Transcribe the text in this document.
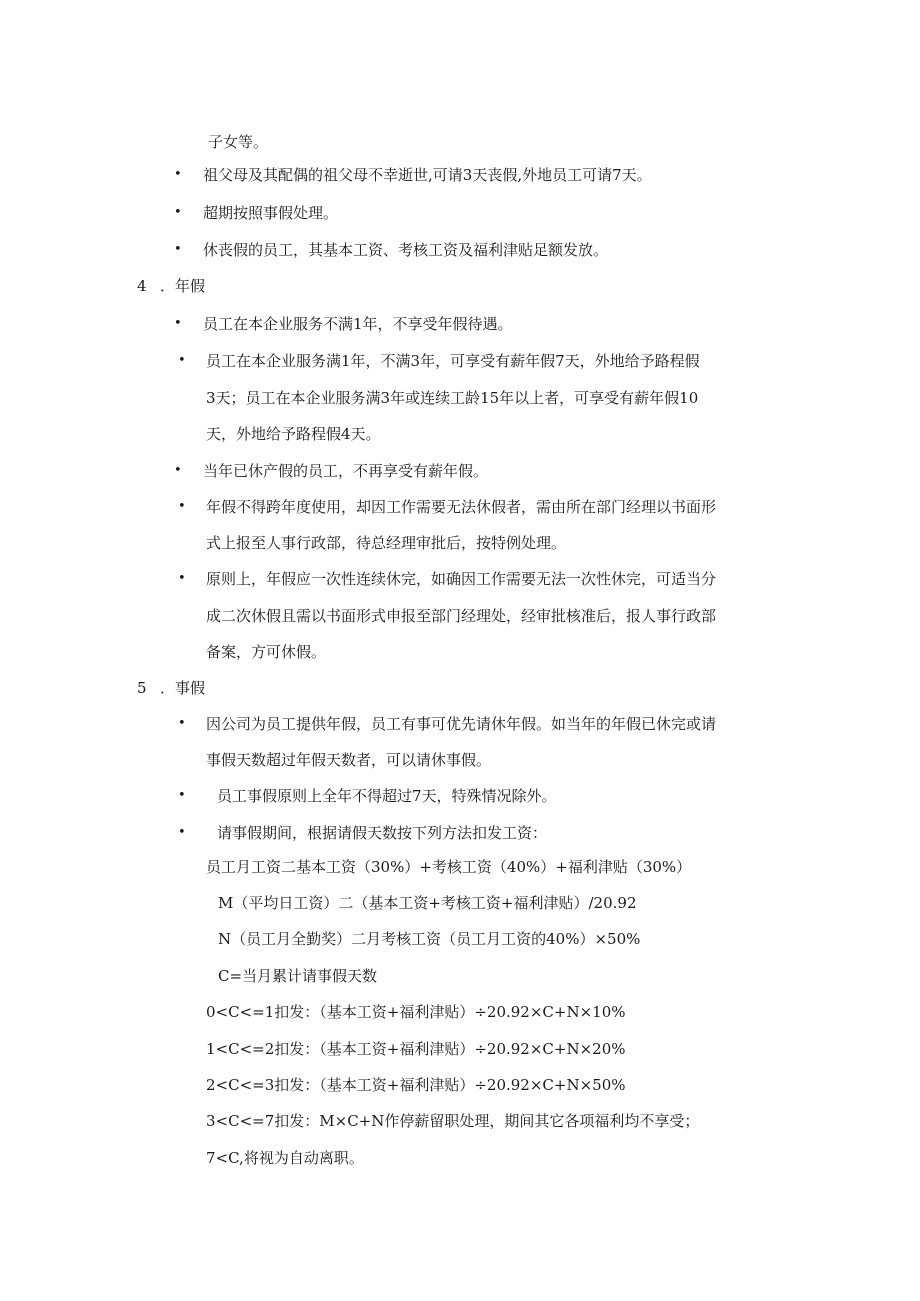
子女等。
• 祖父母及其配偶的祖父母不幸逝世,可请3天丧假,外地员工可请7天。
• 超期按照事假处理。
• 休丧假的员工，其基本工资、考核工资及福利津贴足额发放。
4 ．年假
• 员工在本企业服务不满1年，不享受年假待遇。
• 员工在本企业服务满1年，不满3年，可享受有薪年假7天，外地给予路程假
3天；员工在本企业服务满3年或连续工龄15年以上者，可享受有薪年假10
天，外地给予路程假4天。
• 当年已休产假的员工，不再享受有薪年假。
• 年假不得跨年度使用，却因工作需要无法休假者，需由所在部门经理以书面形
式上报至人事行政部，待总经理审批后，按特例处理。
• 原则上，年假应一次性连续休完，如确因工作需要无法一次性休完，可适当分
成二次休假且需以书面形式申报至部门经理处，经审批核准后，报人事行政部
备案，方可休假。
5 ．事假
• 因公司为员工提供年假，员工有事可优先请休年假。如当年的年假已休完或请
事假天数超过年假天数者，可以请休事假。
• 员工事假原则上全年不得超过7天，特殊情况除外。
• 请事假期间，根据请假天数按下列方法扣发工资：
员工月工资二基本工资（30%）+考核工资（40%）+福利津贴（30%）
M（平均日工资）二（基本工资+考核工资+福利津贴）/20.92
N（员工月全勤奖）二月考核工资（员工月工资的40%）×50%
C=当月累计请事假天数
0<C<=1扣发：（基本工资+福利津贴）÷20.92×C+N×10%
1<C<=2扣发：（基本工资+福利津贴）÷20.92×C+N×20%
2<C<=3扣发：（基本工资+福利津贴）÷20.92×C+N×50%
3<C<=7扣发：M×C+N作停薪留职处理，期间其它各项福利均不享受；
7<C,将视为自动离职。
